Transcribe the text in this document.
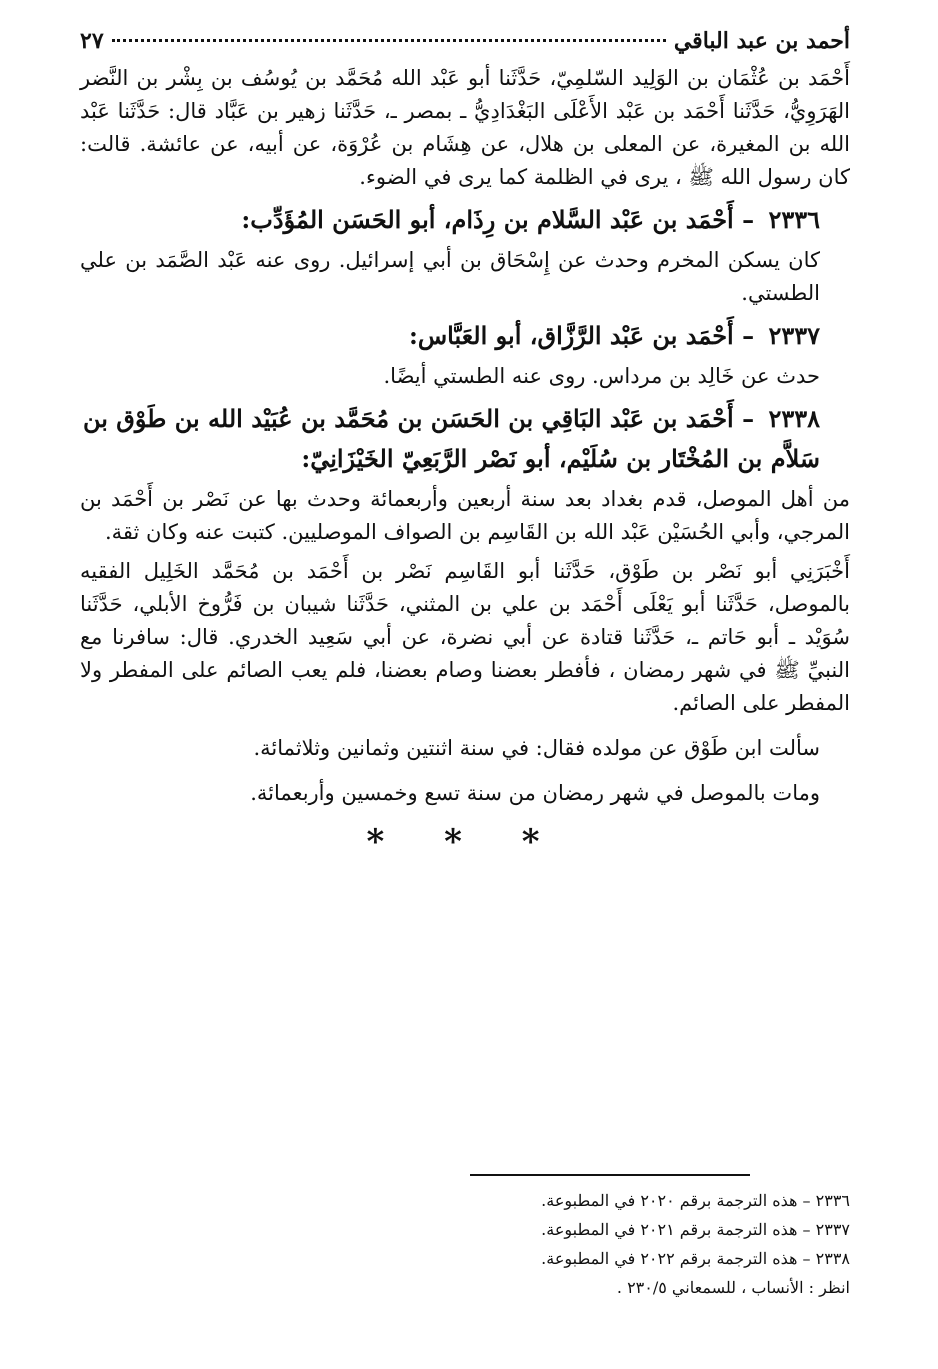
أحمد بن عبد الباقي
٢٧

أَحْمَد بن عُثْمَان بن الوَلِيد السّلمِيّ، حَدَّثَنا أبو عَبْد الله مُحَمَّد بن يُوسُف بن بِشْر بن النَّضر الهَرَوِيُّ، حَدَّثَنا أَحْمَد بن عَبْد الأَعْلَى البَغْدَادِيُّ ـ بمصر ـ، حَدَّثَنا زهير بن عَبَّاد قال: حَدَّثَنا عَبْد الله بن المغيرة، عن المعلى بن هلال، عن هِشَام بن عُرْوَة، عن أبيه، عن عائشة. قالت: كان رسول الله ﷺ ، يرى في الظلمة كما يرى في الضوء.

٢٣٣٦ – أَحْمَد بن عَبْد السَّلام بن رِذَام، أبو الحَسَن المُؤَدِّب:

كان يسكن المخرم وحدث عن إِسْحَاق بن أبي إسرائيل. روى عنه عَبْد الصَّمَد بن علي الطستي.

٢٣٣٧ – أَحْمَد بن عَبْد الرَّزَّاق، أبو العَبَّاس:

حدث عن خَالِد بن مرداس. روى عنه الطستي أيضًا.

٢٣٣٨ – أَحْمَد بن عَبْد البَاقِي بن الحَسَن بن مُحَمَّد بن عُبَيْد الله بن طَوْق بن سَلاَّم بن المُخْتَار بن سُلَيْم، أبو نَصْر الرَّبَعِيّ الخَيْزَانِيّ:

من أهل الموصل، قدم بغداد بعد سنة أربعين وأربعمائة وحدث بها عن نَصْر بن أَحْمَد بن المرجي، وأبي الحُسَيْن عَبْد الله بن القَاسِم بن الصواف الموصليين. كتبت عنه وكان ثقة.

أَخْبَرَنِي أبو نَصْر بن طَوْق، حَدَّثَنا أبو القَاسِم نَصْر بن أَحْمَد بن مُحَمَّد الخَلِيل الفقيه بالموصل، حَدَّثَنا أبو يَعْلَى أَحْمَد بن علي بن المثني، حَدَّثَنا شيبان بن فَرُّوخ الأبلي، حَدَّثَنا سُوَيْد ـ أبو حَاتم ـ، حَدَّثَنا قتادة عن أبي نضرة، عن أبي سَعِيد الخدري. قال: سافرنا مع النبيِّ ﷺ في شهر رمضان ، فأفطر بعضنا وصام بعضنا، فلم يعب الصائم على المفطر ولا المفطر على الصائم.

سألت ابن طَوْق عن مولده فقال: في سنة اثنتين وثمانين وثلاثمائة.

ومات بالموصل في شهر رمضان من سنة تسع وخمسين وأربعمائة.

* * *

٢٣٣٦ – هذه الترجمة برقم ٢٠٢٠ في المطبوعة.

٢٣٣٧ – هذه الترجمة برقم ٢٠٢١ في المطبوعة.

٢٣٣٨ – هذه الترجمة برقم ٢٠٢٢ في المطبوعة.

انظر : الأنساب ، للسمعاني ٢٣٠/٥ .
